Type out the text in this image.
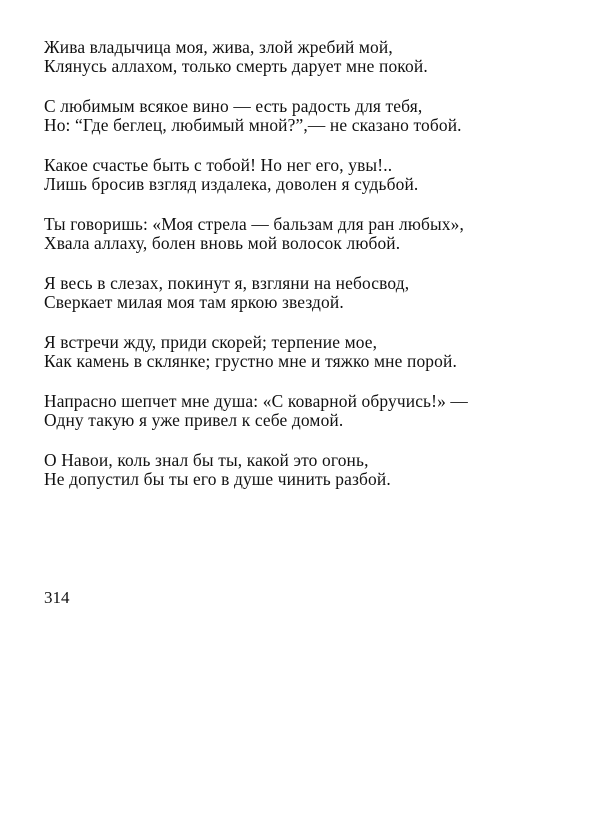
Жива владычица моя, жива, злой жребий мой,
Клянусь аллахом, только смерть дарует мне покой.
С любимым всякое вино — есть радость для тебя,
Но: “Где беглец, любимый мной?”,— не сказано тобой.
Какое счастье быть с тобой! Но нег его, увы!..
Лишь бросив взгляд издалека, доволен я судьбой.
Ты говоришь: «Моя стрела — бальзам для ран любых»,
Хвала аллаху, болен вновь мой волосок любой.
Я весь в слезах, покинут я, взгляни на небосвод,
Сверкает милая моя там яркою звездой.
Я встречи жду, приди скорей; терпение мое,
Как камень в склянке; грустно мне и тяжко мне порой.
Напрасно шепчет мне душа: «С коварной обручись!» —
Одну такую я уже привел к себе домой.
О Навои, коль знал бы ты, какой это огонь,
Не допустил бы ты его в душе чинить разбой.
314
